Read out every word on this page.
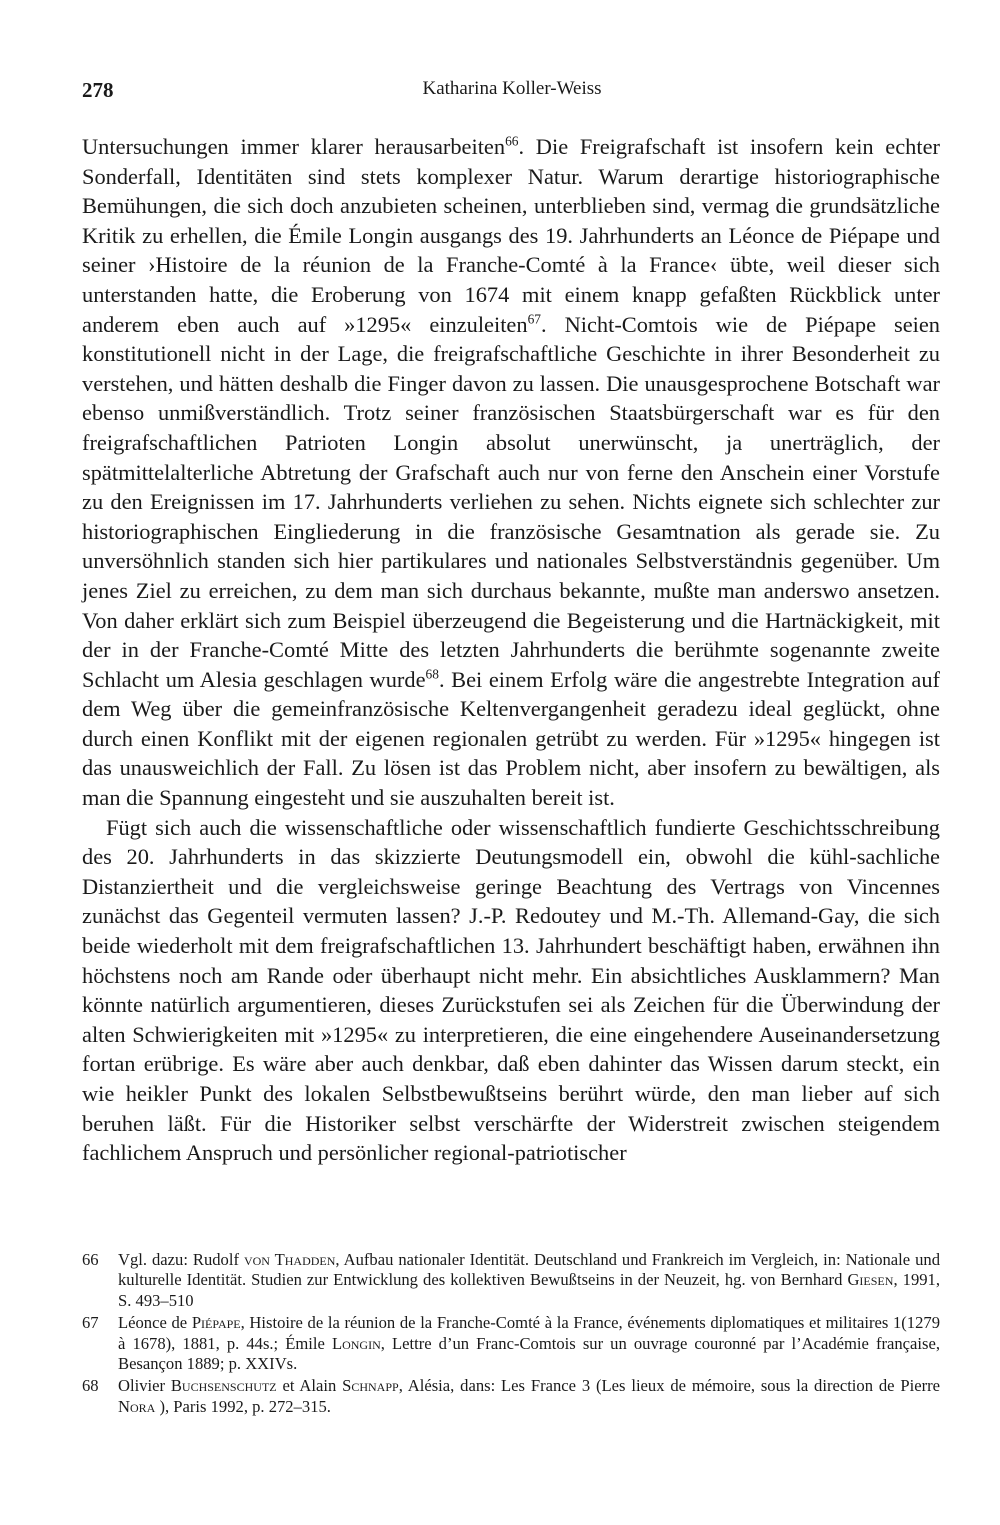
278	Katharina Koller-Weiss

Untersuchungen immer klarer herausarbeiten$^{66}$. Die Freigrafschaft ist insofern kein echter Sonderfall, Identitäten sind stets komplexer Natur. Warum derartige historiographische Bemühungen, die sich doch anzubieten scheinen, unterblieben sind, vermag die grundsätzliche Kritik zu erhellen, die Émile Longin ausgangs des 19. Jahrhunderts an Léonce de Piépape und seiner ›Histoire de la réunion de la Franche-Comté à la France‹ übte, weil dieser sich unterstanden hatte, die Eroberung von 1674 mit einem knapp gefaßten Rückblick unter anderem eben auch auf »1295« einzuleiten$^{67}$. Nicht-Comtois wie de Piépape seien konstitutionell nicht in der Lage, die freigrafschaftliche Geschichte in ihrer Besonderheit zu verstehen, und hätten deshalb die Finger davon zu lassen. Die unausgesprochene Botschaft war ebenso unmißverständlich. Trotz seiner französischen Staatsbürgerschaft war es für den freigrafschaftlichen Patrioten Longin absolut unerwünscht, ja unerträglich, der spätmittelalterliche Abtretung der Grafschaft auch nur von ferne den Anschein einer Vorstufe zu den Ereignissen im 17. Jahrhunderts verliehen zu sehen. Nichts eignete sich schlechter zur historiographischen Eingliederung in die französische Gesamtnation als gerade sie. Zu unversöhnlich standen sich hier partikulares und nationales Selbstverständnis gegenüber. Um jenes Ziel zu erreichen, zu dem man sich durchaus bekannte, mußte man anderswo ansetzen. Von daher erklärt sich zum Beispiel überzeugend die Begeisterung und die Hartnäckigkeit, mit der in der Franche-Comté Mitte des letzten Jahrhunderts die berühmte sogenannte zweite Schlacht um Alesia geschlagen wurde$^{68}$. Bei einem Erfolg wäre die angestrebte Integration auf dem Weg über die gemeinfranzösische Keltenvergangenheit geradezu ideal geglückt, ohne durch einen Konflikt mit der eigenen regionalen getrübt zu werden. Für »1295« hingegen ist das unausweichlich der Fall. Zu lösen ist das Problem nicht, aber insofern zu bewältigen, als man die Spannung eingesteht und sie auszuhalten bereit ist.

Fügt sich auch die wissenschaftliche oder wissenschaftlich fundierte Geschichtsschreibung des 20. Jahrhunderts in das skizzierte Deutungsmodell ein, obwohl die kühl-sachliche Distanziertheit und die vergleichsweise geringe Beachtung des Vertrags von Vincennes zunächst das Gegenteil vermuten lassen? J.-P. Redoutey und M.-Th. Allemand-Gay, die sich beide wiederholt mit dem freigrafschaftlichen 13. Jahrhundert beschäftigt haben, erwähnen ihn höchstens noch am Rande oder überhaupt nicht mehr. Ein absichtliches Ausklammern? Man könnte natürlich argumentieren, dieses Zurückstufen sei als Zeichen für die Überwindung der alten Schwierigkeiten mit »1295« zu interpretieren, die eine eingehendere Auseinandersetzung fortan erübrige. Es wäre aber auch denkbar, daß eben dahinter das Wissen darum steckt, ein wie heikler Punkt des lokalen Selbstbewußtseins berührt würde, den man lieber auf sich beruhen läßt. Für die Historiker selbst verschärfte der Widerstreit zwischen steigendem fachlichem Anspruch und persönlicher regional-patriotischer

66 Vgl. dazu: Rudolf von Thadden, Aufbau nationaler Identität. Deutschland und Frankreich im Vergleich, in: Nationale und kulturelle Identität. Studien zur Entwicklung des kollektiven Bewußtseins in der Neuzeit, hg. von Bernhard Giesen, 1991, S. 493–510
67 Léonce de Piépape, Histoire de la réunion de la Franche-Comté à la France, événements diplomatiques et militaires 1(1279 à 1678), 1881, p. 44s.; Émile Longin, Lettre d’un Franc-Comtois sur un ouvrage couronné par l’Académie française, Besançon 1889; p. XXIVs.
68 Olivier Buchsenschutz et Alain Schnapp, Alésia, dans: Les France 3 (Les lieux de mémoire, sous la direction de Pierre Nora ), Paris 1992, p. 272–315.
